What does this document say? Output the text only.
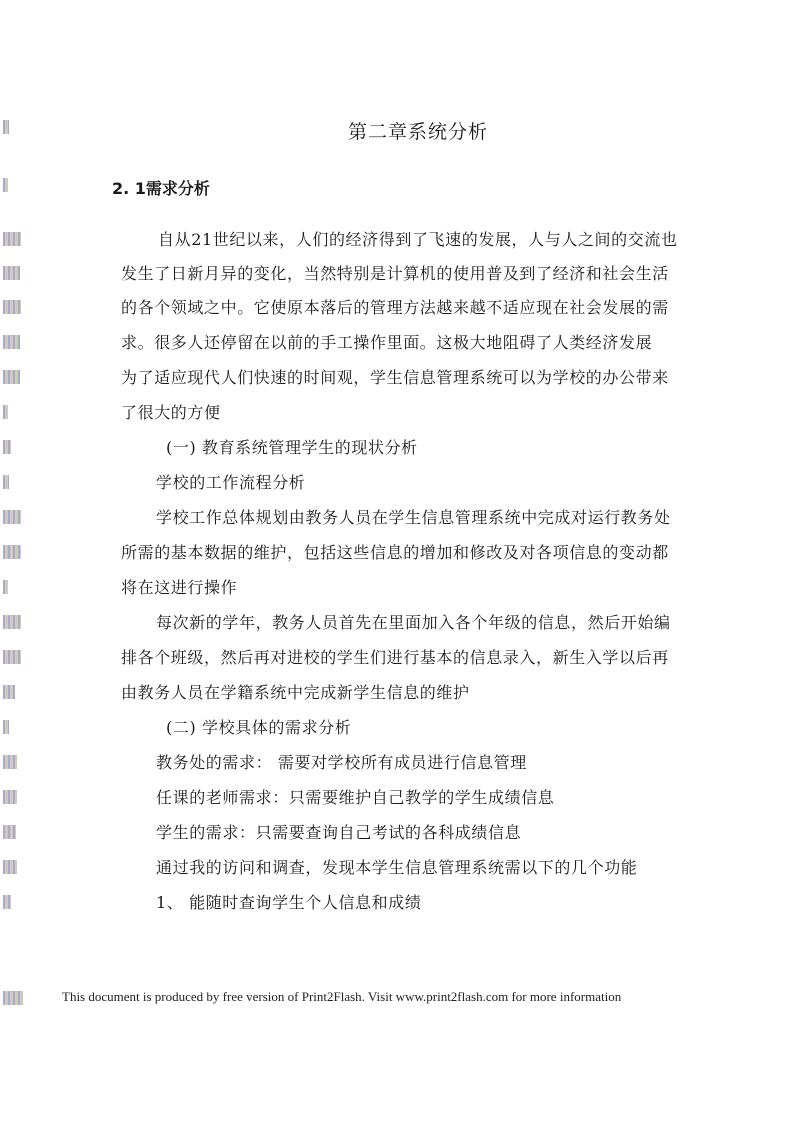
第二章系统分析
2. 1需求分析
自从21世纪以来，人们的经济得到了飞速的发展，人与人之间的交流也
发生了日新月异的变化，当然特别是计算机的使用普及到了经济和社会生活
的各个领域之中。它使原本落后的管理方法越来越不适应现在社会发展的需
求。很多人还停留在以前的手工操作里面。这极大地阻碍了人类经济发展
为了适应现代人们快速的时间观，学生信息管理系统可以为学校的办公带来
了很大的方便
(一) 教育系统管理学生的现状分析
学校的工作流程分析
学校工作总体规划由教务人员在学生信息管理系统中完成对运行教务处
所需的基本数据的维护，包括这些信息的增加和修改及对各项信息的变动都
将在这进行操作
每次新的学年，教务人员首先在里面加入各个年级的信息，然后开始编
排各个班级，然后再对进校的学生们进行基本的信息录入，新生入学以后再
由教务人员在学籍系统中完成新学生信息的维护
(二) 学校具体的需求分析
教务处的需求： 需要对学校所有成员进行信息管理
任课的老师需求：只需要维护自己教学的学生成绩信息
学生的需求：只需要查询自己考试的各科成绩信息
通过我的访问和调查，发现本学生信息管理系统需以下的几个功能
1、 能随时查询学生个人信息和成绩
This document is produced by free version of Print2Flash. Visit www.print2flash.com for more information
